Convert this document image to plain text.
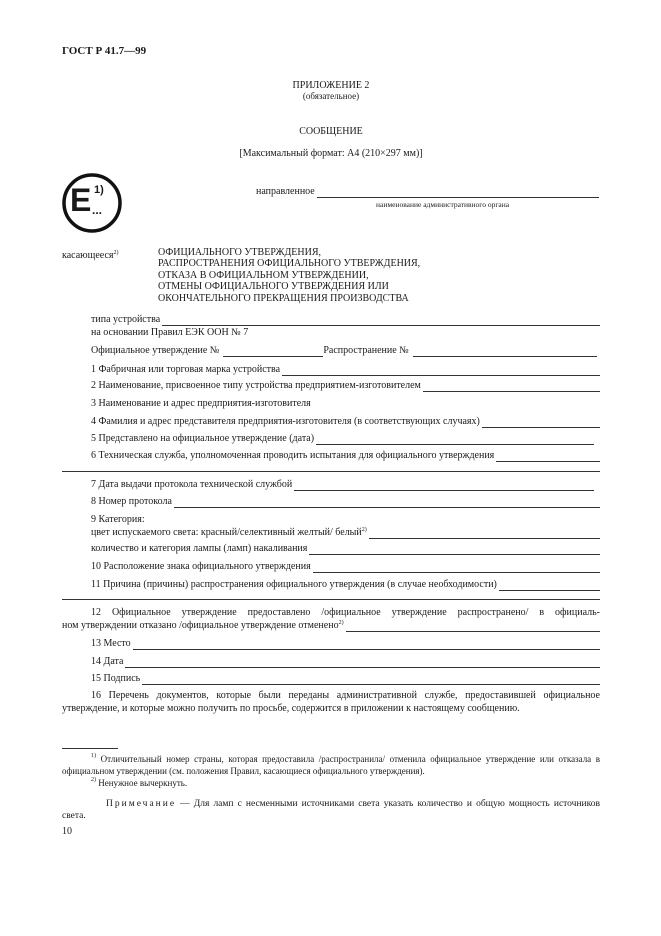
ГОСТ Р 41.7—99
ПРИЛОЖЕНИЕ 2
(обязательное)
СООБЩЕНИЕ
[Максимальный формат: А4 (210×297 мм)]
E 1)
...
направленное
наименование административного органа
касающееся$^{2)}$	ОФИЦИАЛЬНОГО УТВЕРЖДЕНИЯ,
РАСПРОСТРАНЕНИЯ ОФИЦИАЛЬНОГО УТВЕРЖДЕНИЯ,
ОТКАЗА В ОФИЦИАЛЬНОМ УТВЕРЖДЕНИИ,
ОТМЕНЫ ОФИЦИАЛЬНОГО УТВЕРЖДЕНИЯ ИЛИ
ОКОНЧАТЕЛЬНОГО ПРЕКРАЩЕНИЯ ПРОИЗВОДСТВА
типа устройства
на основании Правил ЕЭК ООН № 7
Официальное утверждение №	Распространение №
1 Фабричная или торговая марка устройства
2 Наименование, присвоенное типу устройства предприятием-изготовителем
3 Наименование и адрес предприятия-изготовителя
4 Фамилия и адрес представителя предприятия-изготовителя (в соответствующих случаях)
5 Представлено на официальное утверждение (дата)
6 Техническая служба, уполномоченная проводить испытания для официального утверждения
7 Дата выдачи протокола технической службой
8 Номер протокола
9 Категория:
цвет испускаемого света: красный/селективный желтый/ белый$^{2)}$
количество и категория лампы (ламп) накаливания
10 Расположение знака официального утверждения
11 Причина (причины) распространения официального утверждения (в случае необходимости)
12 Официальное утверждение предоставлено /официальное утверждение распространено/ в официаль-
ном утверждении отказано /официальное утверждение отменено$^{2)}$
13 Место
14 Дата
15 Подпись
16 Перечень документов, которые были переданы административной службе, предоставившей официальное утверждение, и которые можно получить по просьбе, содержится в приложении к настоящему сообщению.
$^{1)}$ Отличительный номер страны, которая предоставила /распространила/ отменила официальное утверждение или отказала в официальном утверждении (см. положения Правил, касающиеся официального утверждения).
$^{2)}$ Ненужное вычеркнуть.
Примечание — Для ламп с несменными источниками света указать количество и общую мощность источников света.
10
